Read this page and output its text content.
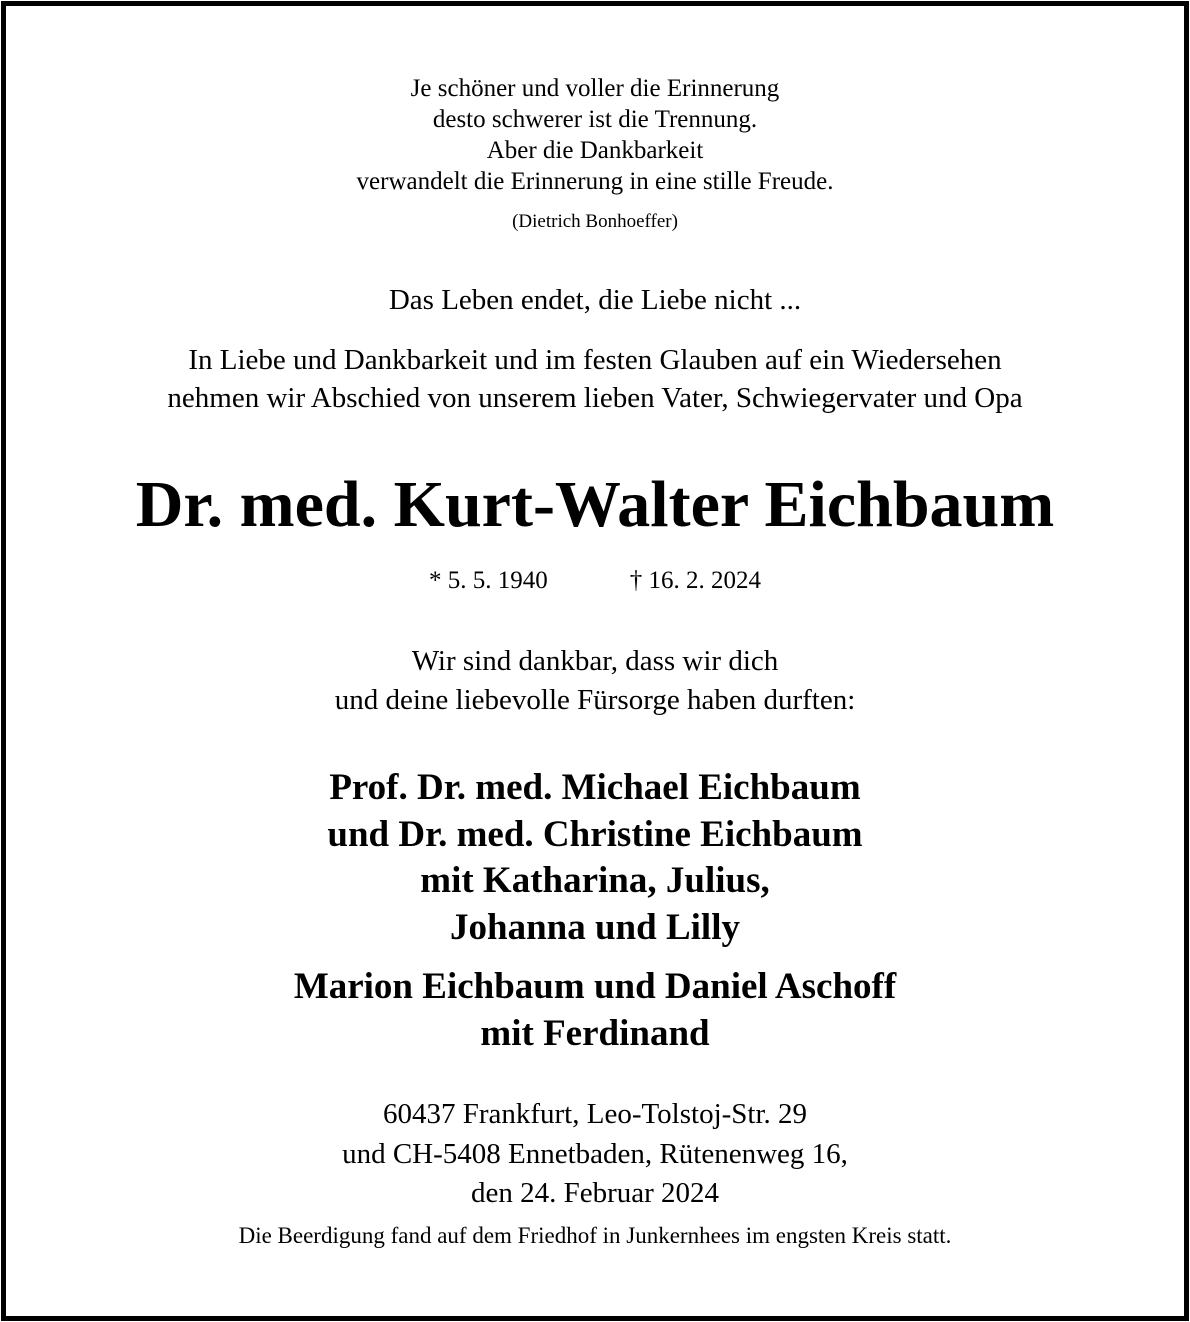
Je schöner und voller die Erinnerung
desto schwerer ist die Trennung.
Aber die Dankbarkeit
verwandelt die Erinnerung in eine stille Freude.
(Dietrich Bonhoeffer)
Das Leben endet, die Liebe nicht ...
In Liebe und Dankbarkeit und im festen Glauben auf ein Wiedersehen
nehmen wir Abschied von unserem lieben Vater, Schwiegervater und Opa
Dr. med. Kurt-Walter Eichbaum
* 5. 5. 1940	† 16. 2. 2024
Wir sind dankbar, dass wir dich
und deine liebevolle Fürsorge haben durften:
Prof. Dr. med. Michael Eichbaum
und Dr. med. Christine Eichbaum
mit Katharina, Julius,
Johanna und Lilly
Marion Eichbaum und Daniel Aschoff
mit Ferdinand
60437 Frankfurt, Leo-Tolstoj-Str. 29
und CH-5408 Ennetbaden, Rütenenweg 16,
den 24. Februar 2024
Die Beerdigung fand auf dem Friedhof in Junkernhees im engsten Kreis statt.
